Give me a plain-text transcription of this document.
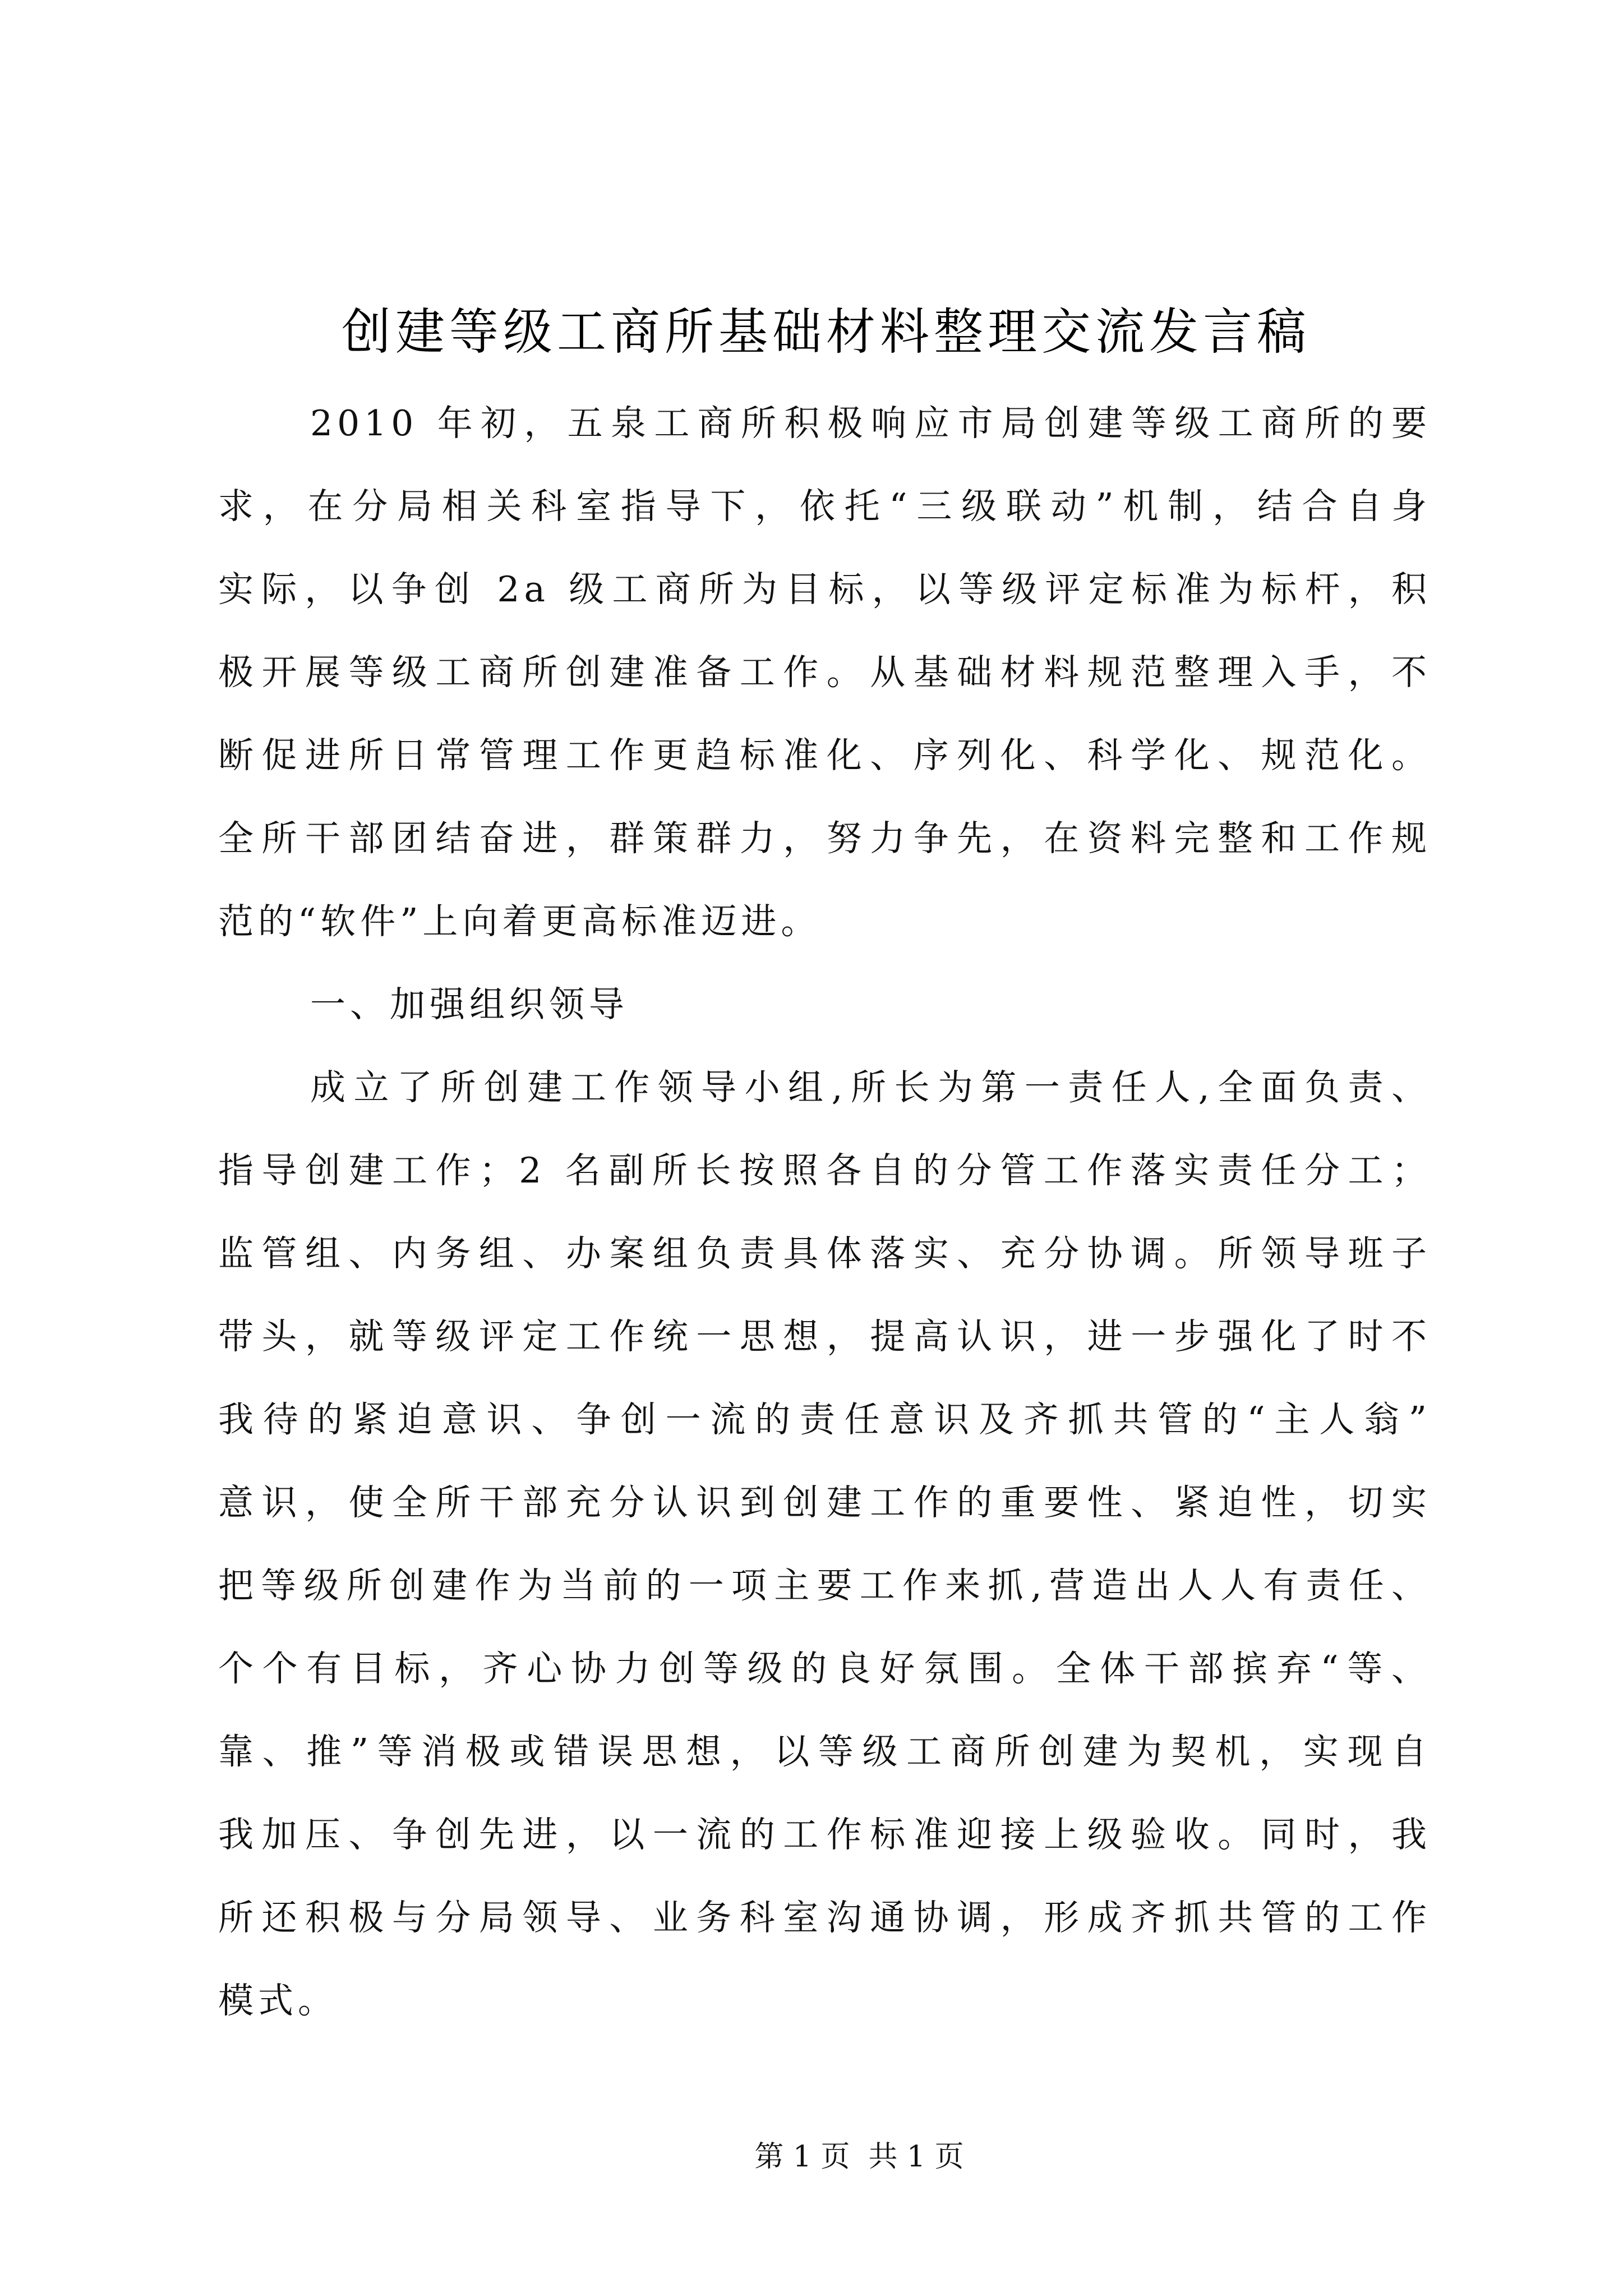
创建等级工商所基础材料整理交流发言稿
2010 年初，五泉工商所积极响应市局创建等级工商所的要
求，在分局相关科室指导下，依托“三级联动”机制，结合自身
实际，以争创 2a 级工商所为目标，以等级评定标准为标杆，积
极开展等级工商所创建准备工作。从基础材料规范整理入手，不
断促进所日常管理工作更趋标准化、序列化、科学化、规范化。
全所干部团结奋进，群策群力，努力争先，在资料完整和工作规
范的“软件”上向着更高标准迈进。
一、加强组织领导
成立了所创建工作领导小组,所长为第一责任人,全面负责、
指导创建工作；2 名副所长按照各自的分管工作落实责任分工；
监管组、内务组、办案组负责具体落实、充分协调。所领导班子
带头，就等级评定工作统一思想，提高认识，进一步强化了时不
我待的紧迫意识、争创一流的责任意识及齐抓共管的“主人翁”
意识，使全所干部充分认识到创建工作的重要性、紧迫性，切实
把等级所创建作为当前的一项主要工作来抓,营造出人人有责任、
个个有目标，齐心协力创等级的良好氛围。全体干部摈弃“等、
靠、推”等消极或错误思想，以等级工商所创建为契机，实现自
我加压、争创先进，以一流的工作标准迎接上级验收。同时，我
所还积极与分局领导、业务科室沟通协调，形成齐抓共管的工作
模式。
第 1 页  共 1 页
